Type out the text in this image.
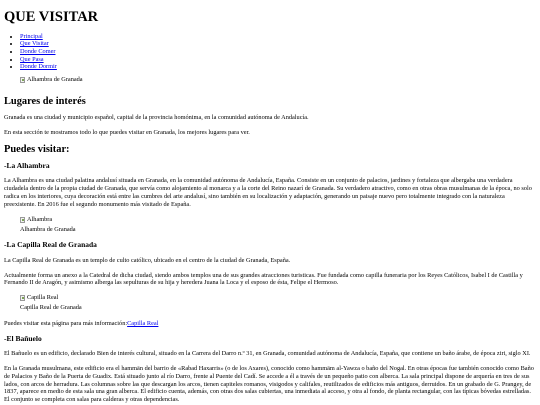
QUE VISITAR
• Principal
• Que Visitar
• Donde Comer
• Que Pasa
• Donde Dormir
Alhambra de Granada
Lugares de interés

Granada es una ciudad y municipio español, capital de la provincia homónima, en la comunidad autónoma de Andalucía.

En esta sección te mostramos todo lo que puedes visitar en Granada, los mejores lugares para ver.

Puedes visitar:
-La Alhambra

La Alhambra es una ciudad palatina andalusí situada en Granada, en la comunidad autónoma de Andalucía, España. Consiste en un conjunto de palacios, jardines y fortaleza que albergaba una verdadera ciudadela dentro de la propia ciudad de Granada, que servía como alojamiento al monarca y a la corte del Reino nazarí de Granada. Su verdadero atractivo, como en otras obras musulmanas de la época, no solo radica en los interiores, cuya decoración está entre las cumbres del arte andalusí, sino también en su localización y adaptación, generando un paisaje nuevo pero totalmente integrado con la naturaleza preexistente. En 2016 fue el segundo monumento más visitado de España.

Alhambra
Alhambra de Granada
-La Capilla Real de Granada

La Capilla Real de Granada es un templo de culto católico, ubicado en el centro de la ciudad de Granada, España.

Actualmente forma un anexo a la Catedral de dicha ciudad, siendo ambos templos una de sus grandes atracciones turisticas. Fue fundada como capilla funeraria por los Reyes Católicos, Isabel I de Castilla y Fernando II de Aragón, y asimismo alberga las sepulturas de su hija y heredera Juana la Loca y el esposo de ésta, Felipe el Hermoso.

Capilla Real
Capilla Real de Granada

Puedes visitar esta página para más información:Capilla Real

-El Bañuelo

El Bañuelo es un edificio, declarado Bien de interés cultural, situado en la Carrera del Darro n.º 31, en Granada, comunidad autónoma de Andalucía, España, que contiene un baño árabe, de época ziri, siglo XI.

En la Granada musulmana, este edificio era el hammān del barrio de «Rabad Haxarris» (o de los Axares), conocido como hammām al-Yawza o baño del Nogal. En otras épocas fue también conocido como Baño de Palacios y Baño de la Puerta de Guadix. Está situado junto al río Darro, frente al Puente del Cadí. Se accede a él a través de un pequeño patio con alberca. La sala principal dispone de arquería en tres de sus lados, con arcos de herradura. Las columnas sobre las que descargan los arcos, tienen capiteles romanos, visigodos y califales, reutilizados de edificios más antiguos, derruidos. En un grabado de G. Prangey, de 1837, aparece en medio de esta sala una gran alberca. El edificio cuenta, además, con otras dos salas cubiertas, una inmediata al acceso, y otra al fondo, de planta rectangular, con las típicas bóvedas estrelladas. El conjunto se completa con salas para calderas y otras dependencias.
